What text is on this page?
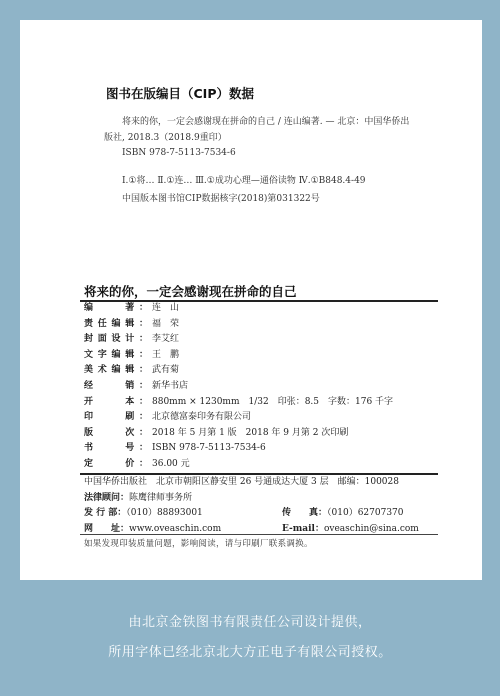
图书在版编目（CIP）数据
将来的你，一定会感谢现在拼命的自己 / 连山编著. — 北京：中国华侨出
版社, 2018.3（2018.9重印）
ISBN 978-7-5113-7534-6
Ⅰ.①将… Ⅱ.①连… Ⅲ.①成功心理—通俗读物 Ⅳ.①B848.4-49
中国版本图书馆CIP数据核字(2018)第031322号
将来的你，一定会感谢现在拼命的自己
编　　著： 连　山
责任编辑： 福　荣
封面设计： 李艾红
文字编辑： 王　鹏
美术编辑： 武有菊
经　　销： 新华书店
开　　本： 880mm × 1230mm　1/32　印张：8.5　字数：176 千字
印　　刷： 北京德富泰印务有限公司
版　　次： 2018 年 5 月第 1 版　2018 年 9 月第 2 次印刷
书　　号： ISBN 978-7-5113-7534-6
定　　价： 36.00 元
中国华侨出版社　北京市朝阳区静安里 26 号通成达大厦 3 层　邮编：100028
法律顾问：陈鹰律师事务所
发 行 部：（010）88893001	传　　真：（010）62707370
网　　址：www.oveaschin.com	E-mail：oveaschin@sina.com
如果发现印装质量问题，影响阅读，请与印刷厂联系调换。
由北京金铁图书有限责任公司设计提供，
所用字体已经北京北大方正电子有限公司授权。
